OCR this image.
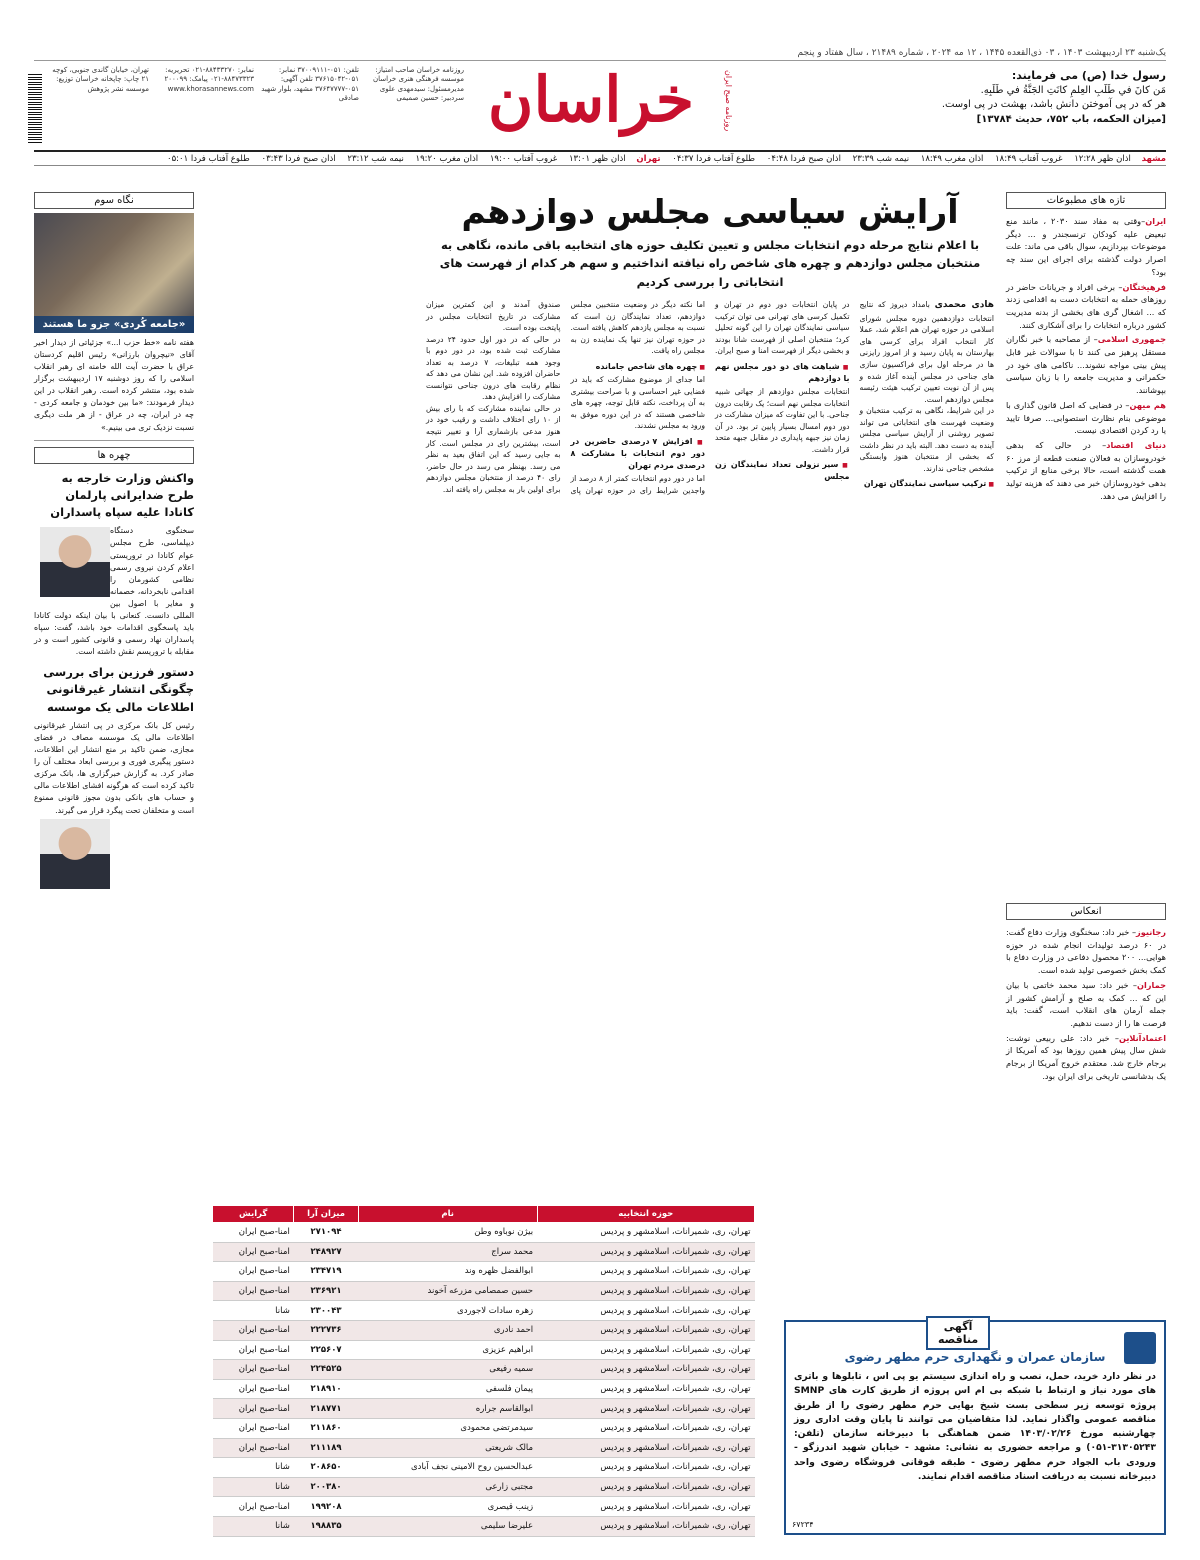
یک‌شنبه ۲۳ اردیبهشت ۱۴۰۳ ،‌ ۰۳ ذی‌القعده ۱۴۴۵ ،‌ ۱۲ مه ۲۰۲۴ ، شماره ۲۱۴۸۹ ، سال هفتاد و پنجم
رسول خدا (ص) می فرمایند:
مَن كانَ في طَلَبِ العِلمِ كانَتِ الجَنَّةُ في طَلَبِهِ.
هر كه در پى آموختن دانش باشد، بهشت در پى اوست.
[میزان الحکمه، باب ۷۵۲، حدیث ۱۳۷۸۴]
خراسان	روزنامه صبح ایران
روزنامه خراسان صاحب امتیاز: موسسه فرهنگی هنری خراسان مدیرمسئول: سیدمهدی علوی سردبیر: حسین صمیمی
تلفن: ۰۵۱-۳۷۰۰۹۱۱۱ نمابر: ۰۵۱-۳۷۶۱۵۰۴۲ تلفن آگهی: ۰۵۱-۳۷۶۴۷۷۷۷ مشهد، بلوار شهید صادقی
نمابر: ۸۸۴۳۳۲۷۰-۰۲۱ تحریریه: ۸۸۴۷۳۳۲۳-۰۲۱ پیامک: ۲۰۰۰۹۹ www.khorasannews.com
تهران، خیابان گاندی جنوبی، کوچه ۲۱ چاپ: چاپخانه خراسان توزیع: موسسه نشر پژوهش
مشهد اذان ظهر ۱۲:۲۸ غروب آفتاب ۱۸:۴۹ اذان مغرب ۱۸:۴۹ نیمه شب ۲۳:۳۹ اذان صبح فردا ۰۴:۴۸ طلوع آفتاب فردا ۰۴:۳۷ تهران اذان ظهر ۱۳:۰۱ غروب آفتاب ۱۹:۰۰ اذان مغرب ۱۹:۲۰ نیمه شب ۲۳:۱۲ اذان صبح فردا ۰۳:۴۳ طلوع آفتاب فردا ۰۵:۰۱
تازه های مطبوعات

ایران–وقتی به مفاد سند ۲۰۳۰ ، مانند منع تبعیض علیه کودکان ترنسجندر و ... دیگر موضوعات بپردازیم، سوال باقی می ماند: علت اصرار دولت گذشته برای اجرای این سند چه بود؟

فرهیختگان– برخی افراد و جریانات حاضر در روزهای حمله به انتخابات دست به اقدامی زدند که ... اشغال گری های بخشی از بدنه مدیریت کشور درباره انتخابات را برای آشکاری کنند.

جمهوری اسلامی– از مصاحبه با خبر نگاران مستقل پرهیز می کنند تا با سوالات غیر قابل پیش بینی مواجه نشوند... ناکامی های خود در حکمرانی و مدیریت جامعه را با زبان سیاسی بپوشانند.

هم میهن– در فضایی که اصل قانون گذاری با موضوعی بنام نظارت استصوابی... صرفا تایید یا رد کردن اقتصادی نیست.

دنیای اقتصاد– در حالی که بدهی خودروسازان به فعالان صنعت قطعه از مرز ۶۰ همت گذشته است، حالا برخی منابع از ترکیب بدهی خودروسازان خبر می دهند که هزینه تولید را افزایش می دهد.

انعکاس

رجانیوز– خبر داد: سخنگوی وزارت دفاع گفت: در ۶۰ درصد تولیدات انجام شده در حوزه هوایی... ۲۰۰ محصول دفاعی در وزارت دفاع با کمک بخش خصوصی تولید شده است.

جماران– خبر داد: سید محمد خاتمی با بیان این که ... کمک به صلح و آرامش کشور از جمله آرمان های انقلاب است، گفت: باید فرصت ها را از دست ندهیم.

اعتمادآنلاین– خبر داد: علی ربیعی نوشت: شش سال پیش همین روزها بود که آمریکا از برجام خارج شد. معتقدم خروج آمریکا از برجام یک بدشانسی تاریخی برای ایران بود.

آرایش سیاسی مجلس دوازدهم
با اعلام نتایج مرحله دوم انتخابات مجلس و تعیین تکلیف حوزه های انتخابیه باقی مانده، نگاهی به منتخبان مجلس دوازدهم و چهره های شاخص راه نیافته انداختیم و سهم هر کدام از فهرست های انتخاباتی را بررسی کردیم
هادی محمدی بامداد دیروز که نتایج انتخابات دوازدهمین دوره مجلس شورای اسلامی در حوزه تهران هم اعلام شد، عملا کار انتخاب افراد برای کرسی های بهارستان به پایان رسید و از امروز رایزنی ها در مرحله اول برای فراکسیون سازی های جناحی در مجلس آینده آغاز شده و پس از آن نوبت تعیین ترکیب هیئت رئیسه مجلس دوازدهم است.

در این شرایط، نگاهی به ترکیب منتخبان و وضعیت فهرست های انتخاباتی می تواند تصویر روشنی از آرایش سیاسی مجلس آینده به دست دهد. البته باید در نظر داشت که بخشی از منتخبان هنوز وابستگی مشخص جناحی ندارند.

■ ترکیب سیاسی نمایندگان تهران

در پایان انتخابات دور دوم در تهران و تکمیل کرسی های تهرانی می توان ترکیب سیاسی نمایندگان تهران را این گونه تحلیل کرد؛ منتخبان اصلی از فهرست شانا بودند و بخشی دیگر از فهرست امنا و صبح ایران.

■ شباهت های دو دور مجلس نهم با دوازدهم

انتخابات مجلس دوازدهم از جهاتی شبیه انتخابات مجلس نهم است؛ یک رقابت درون جناحی. با این تفاوت که میزان مشارکت در دور دوم امسال بسیار پایین تر بود. در آن زمان نیز جبهه پایداری در مقابل جبهه متحد قرار داشت.

■ سیر نزولی تعداد نمایندگان زن مجلس

اما نکته دیگر در وضعیت منتخبین مجلس دوازدهم، تعداد نمایندگان زن است که نسبت به مجلس یازدهم کاهش یافته است. در حوزه تهران نیز تنها یک نماینده زن به مجلس راه یافت.

■ چهره های شاخص جامانده

اما جدای از موضوع مشارکت که باید در فضایی غیر احساسی و با صراحت بیشتری به آن پرداخت، نکته قابل توجه، چهره های شاخصی هستند که در این دوره موفق به ورود به مجلس نشدند.

■ افزایش ۷ درصدی حاضرین در دور دوم انتخابات با مشارکت ۸ درصدی مردم تهران

اما در دور دوم انتخابات کمتر از ۸ درصد از واجدین شرایط رای در حوزه تهران پای صندوق آمدند و این کمترین میزان مشارکت در تاریخ انتخابات مجلس در پایتخت بوده است.

در حالی که در دور اول حدود ۲۴ درصد مشارکت ثبت شده بود، در دور دوم با وجود همه تبلیغات، ۷ درصد به تعداد حاضران افزوده شد. این نشان می دهد که نظام رقابت های درون جناحی نتوانست مشارکت را افزایش دهد.

در حالی نماینده مشارکت که با رای بیش از ۱۰ رای اختلاف داشت و رقیب خود در هنوز مدعی بازشماری آرا و تغییر نتیجه است، بیشترین رای در مجلس است. کار به جایی رسید که این اتفاق بعید به نظر می رسد. بهنظر می رسد در حال حاضر، رای ۴۰ درصد از منتخبان مجلس دوازدهم برای اولین بار به مجلس راه یافته اند.

حوزه انتخابیه	نام	میزان آرا	گرایش
تهران، ری، شمیرانات، اسلامشهر و پردیس	بیژن نوباوه وطن	۲۷۱۰۹۴	امنا-صبح ایران
تهران، ری، شمیرانات، اسلامشهر و پردیس	محمد سراج	۲۴۸۹۲۷	امنا-صبح ایران
تهران، ری، شمیرانات، اسلامشهر و پردیس	ابوالفضل ظهره وند	۲۳۴۷۱۹	امنا-صبح ایران
تهران، ری، شمیرانات، اسلامشهر و پردیس	حسین صمصامی مزرعه آخوند	۲۳۶۹۲۱	امنا-صبح ایران
تهران، ری، شمیرانات، اسلامشهر و پردیس	زهره سادات لاجوردی	۲۳۰۰۴۳	شانا
تهران، ری، شمیرانات، اسلامشهر و پردیس	احمد نادری	۲۲۲۷۳۶	امنا-صبح ایران
تهران، ری، شمیرانات، اسلامشهر و پردیس	ابراهیم عزیزی	۲۲۵۶۰۷	امنا-صبح ایران
تهران، ری، شمیرانات، اسلامشهر و پردیس	سمیه رفیعی	۲۲۴۵۲۵	امنا-صبح ایران
تهران، ری، شمیرانات، اسلامشهر و پردیس	پیمان فلسفی	۲۱۸۹۱۰	امنا-صبح ایران
تهران، ری، شمیرانات، اسلامشهر و پردیس	ابوالقاسم جراره	۲۱۸۷۷۱	امنا-صبح ایران
تهران، ری، شمیرانات، اسلامشهر و پردیس	سیدمرتضی محمودی	۲۱۱۸۶۰	امنا-صبح ایران
تهران، ری، شمیرانات، اسلامشهر و پردیس	مالک شریعتی	۲۱۱۱۸۹	امنا-صبح ایران
تهران، ری، شمیرانات، اسلامشهر و پردیس	عبدالحسین روح الامینی نجف آبادی	۲۰۸۶۵۰	شانا
تهران، ری، شمیرانات، اسلامشهر و پردیس	مجتبی زارعی	۲۰۰۳۸۰	شانا
تهران، ری، شمیرانات، اسلامشهر و پردیس	زینب قیصری	۱۹۹۲۰۸	امنا-صبح ایران
تهران، ری، شمیرانات، اسلامشهر و پردیس	علیرضا سلیمی	۱۹۸۸۳۵	شانا
نگاه سوم
«جامعه کُردی» جزو ما هستند
هفته نامه «خط حزب ا...» جزئیاتی از دیدار اخیر آقای «نیچروان بارزانی» رئیس اقلیم کردستان عراق با حضرت آیت الله خامنه ای رهبر انقلاب اسلامی را که روز دوشنبه ۱۷ اردیبهشت برگزار شده بود، منتشر کرده است. رهبر انقلاب در این دیدار فرمودند: «ما بین خودمان و جامعه کردی - چه در ایران، چه در عراق - از هر ملت دیگری نسبت نزدیک تری می بینیم.»
چهره ها
واکنش وزارت خارجه به طرح ضدایرانی پارلمان کانادا علیه سپاه پاسداران
سخنگوی دستگاه دیپلماسی، طرح مجلس عوام کانادا در تروریستی اعلام کردن نیروی رسمی نظامی کشورمان را اقدامی نابخردانه، خصمانه و مغایر با اصول بین المللی دانست. کنعانی با بیان اینکه دولت کانادا باید پاسخگوی اقدامات خود باشد، گفت: سپاه پاسداران نهاد رسمی و قانونی کشور است و در مقابله با تروریسم نقش داشته است.
دستور فرزین برای بررسی چگونگی انتشار غیرقانونی اطلاعات مالی یک موسسه
رئیس کل بانک مرکزی در پی انتشار غیرقانونی اطلاعات مالی یک موسسه مصاف در فضای مجازی، ضمن تاکید بر منع انتشار این اطلاعات، دستور پیگیری فوری و بررسی ابعاد مختلف آن را صادر کرد. به گزارش خبرگزاری ها، بانک مرکزی تاکید کرده است که هرگونه افشای اطلاعات مالی و حساب های بانکی بدون مجوز قانونی ممنوع است و متخلفان تحت پیگرد قرار می گیرند.
آگهی
مناقصه
سازمان عمران و نگهداری حرم مطهر رضوی
در نظر دارد خرید، حمل، نصب و راه اندازی سیستم یو پی اس ، تابلوها و باتری های مورد نیاز و ارتباط با شبکه بی ام اس پروژه از طریق کارت های SMNP پروژه توسعه زیر سطحی بست شیخ بهایی حرم مطهر رضوی را از طریق مناقصه عمومی واگذار نماید. لذا متقاضیان می توانند تا پایان وقت اداری روز چهارشنبه مورخ ۱۴۰۳/۰۲/۲۶ ضمن هماهنگی با دبیرخانه سازمان (تلفن: ۳۱۳۰۵۲۴۳-۰۵۱) و مراجعه حضوری به نشانی: مشهد - خیابان شهید اندرزگو - ورودی باب الجواد حرم مطهر رضوی - طبقه فوقانی فروشگاه رضوی واحد دبیرخانه نسبت به دریافت اسناد مناقصه اقدام نمایند.
۶۷۲۳۴
